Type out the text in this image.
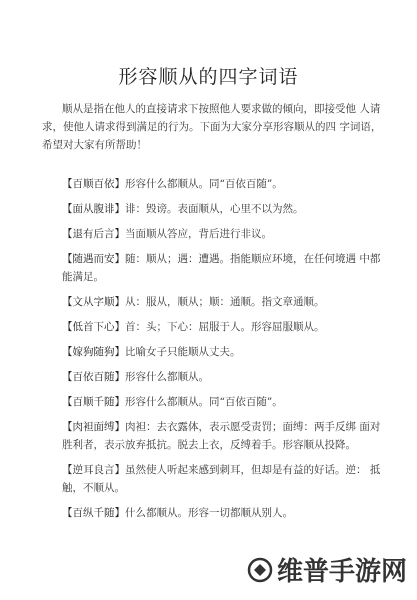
形容顺从的四字词语
顺从是指在他人的直接请求下按照他人要求做的倾向，即接受他 人请求，使他人请求得到满足的行为。下面为大家分享形容顺从的四 字词语，希望对大家有所帮助！
【百顺百依】形容什么都顺从。同“百依百随”。
【面从腹诽】诽：毁谤。表面顺从，心里不以为然。
【退有后言】当面顺从答应，背后进行非议。
【随遇而安】随：顺从；遇：遭遇。指能顺应环境，在任何境遇 中都能满足。
【文从字顺】从：服从，顺从；顺：通顺。指文章通顺。
【低首下心】首：头；下心：屈服于人。形容屈服顺从。
【嫁狗随狗】比喻女子只能顺从丈夫。
【百依百随】形容什么都顺从。
【百顺千随】形容什么都顺从。同“百依百随”。
【肉袒面缚】肉袒：去衣露体，表示愿受责罚；面缚：两手反绑 面对胜利者，表示放弃抵抗。脱去上衣，反缚着手。形容顺从投降。
【逆耳良言】虽然使人听起来感到刺耳，但却是有益的好话。逆： 抵触，不顺从。
【百纵千随】什么都顺从。形容一切都顺从别人。
维普手游网
